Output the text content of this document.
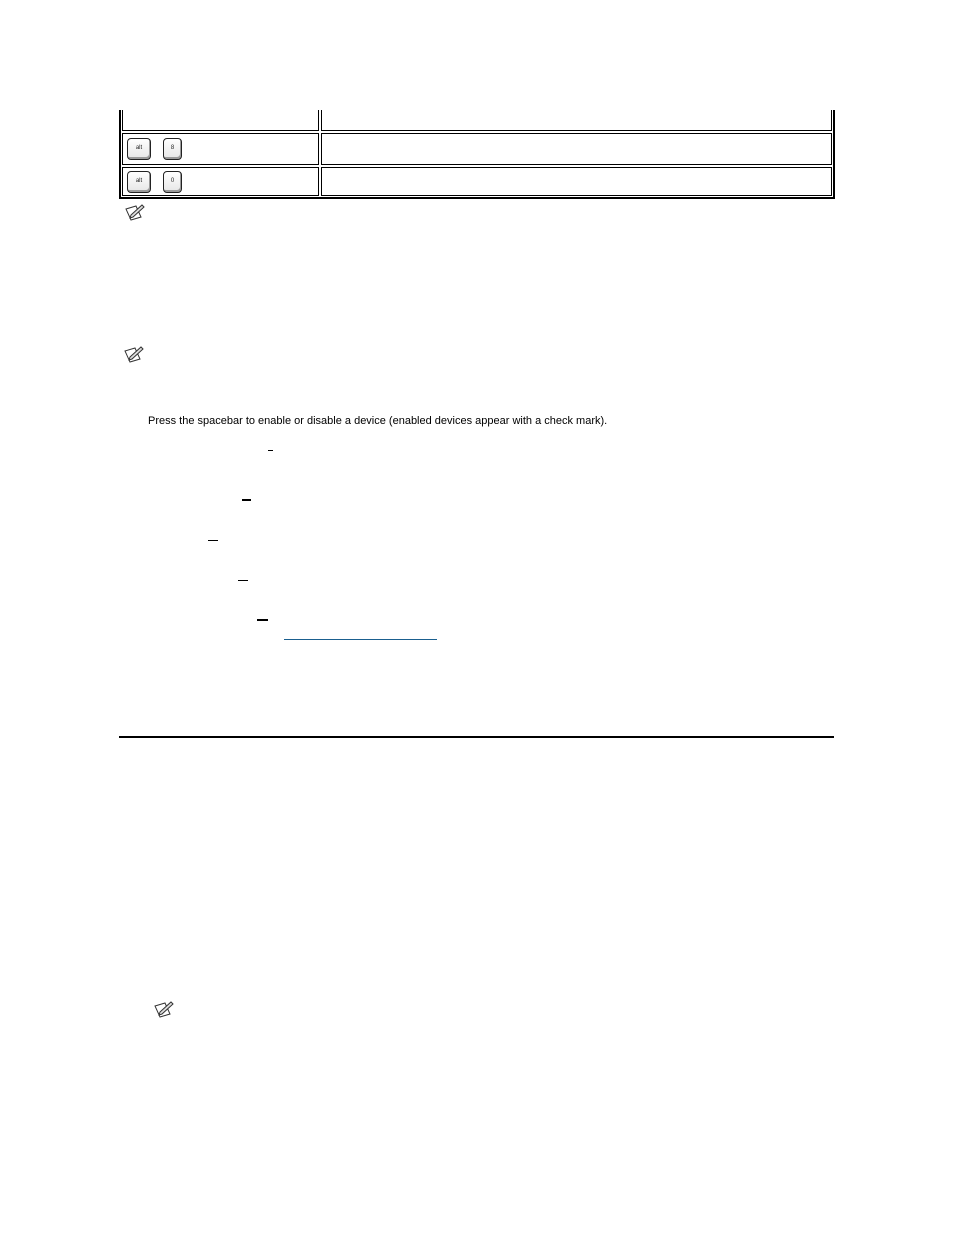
alt	8
alt	0
Press the spacebar to enable or disable a device (enabled devices appear with a check mark).
